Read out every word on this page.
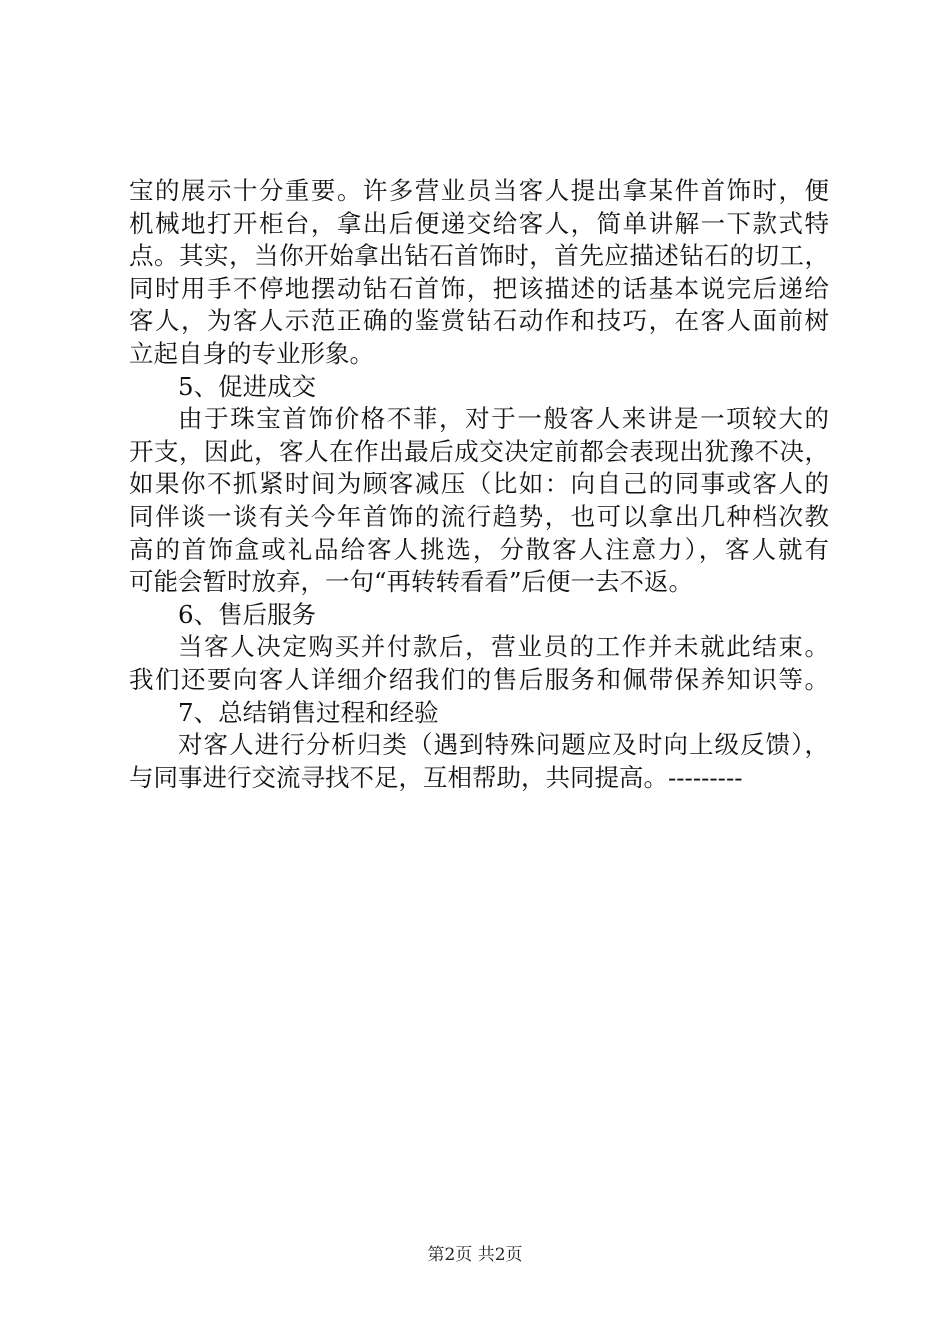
宝的展示十分重要。许多营业员当客人提出拿某件首饰时，便
机械地打开柜台，拿出后便递交给客人，简单讲解一下款式特
点。其实，当你开始拿出钻石首饰时，首先应描述钻石的切工，
同时用手不停地摆动钻石首饰，把该描述的话基本说完后递给
客人，为客人示范正确的鉴赏钻石动作和技巧，在客人面前树
立起自身的专业形象。
5、促进成交
由于珠宝首饰价格不菲，对于一般客人来讲是一项较大的
开支，因此，客人在作出最后成交决定前都会表现出犹豫不决，
如果你不抓紧时间为顾客减压（比如：向自己的同事或客人的
同伴谈一谈有关今年首饰的流行趋势，也可以拿出几种档次教
高的首饰盒或礼品给客人挑选，分散客人注意力），客人就有
可能会暂时放弃，一句“再转转看看”后便一去不返。
6、售后服务
当客人决定购买并付款后，营业员的工作并未就此结束。
我们还要向客人详细介绍我们的售后服务和佩带保养知识等。
7、总结销售过程和经验
对客人进行分析归类（遇到特殊问题应及时向上级反馈），
与同事进行交流寻找不足，互相帮助，共同提高。---------
第2页 共2页
